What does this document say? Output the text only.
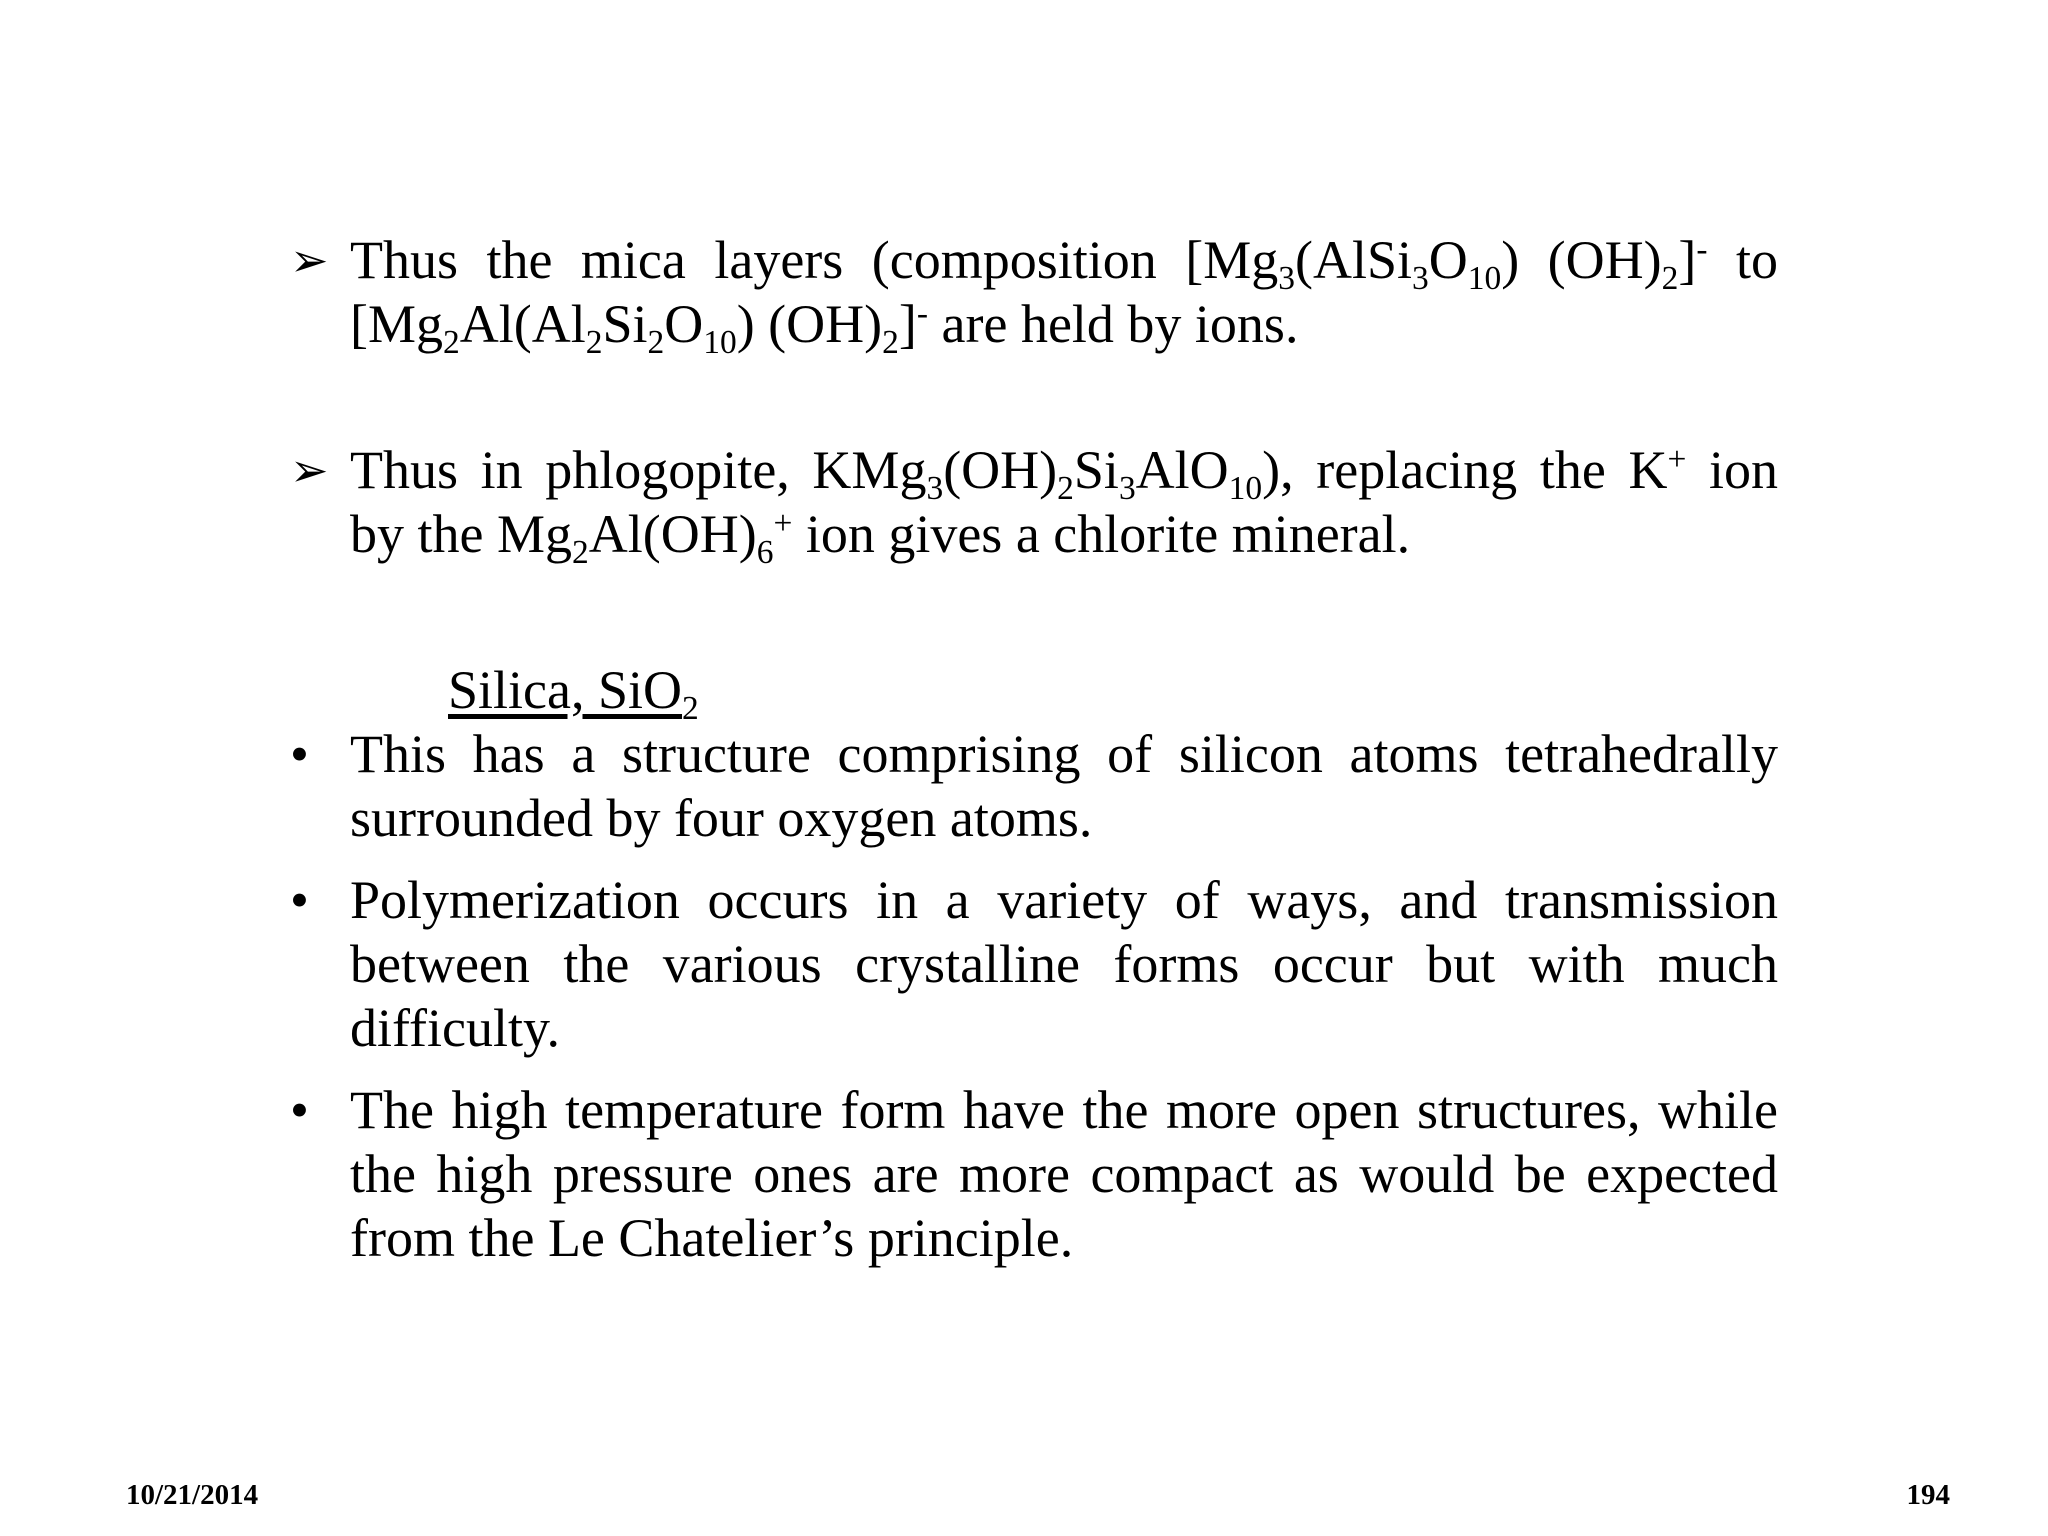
➢ Thus the mica layers (composition [$Mg_3(AlSi_3O_{10})$ $(OH)_2]^-$ to [$Mg_2Al(Al_2Si_2O_{10})$ $(OH)_2]^-$ are held by ions.
➢ Thus in phlogopite, $KMg_3(OH)_2Si_3AlO_{10}$), replacing the K+ ion by the $Mg_2Al(OH)_6^+$ ion gives a chlorite mineral.
Silica, SiO$_2$
• This has a structure comprising of silicon atoms tetrahedrally surrounded by four oxygen atoms.
• Polymerization occurs in a variety of ways, and transmission between the various crystalline forms occur but with much difficulty.
• The high temperature form have the more open structures, while the high pressure ones are more compact as would be expected from the Le Chatelier’s principle.
10/21/2014	194
